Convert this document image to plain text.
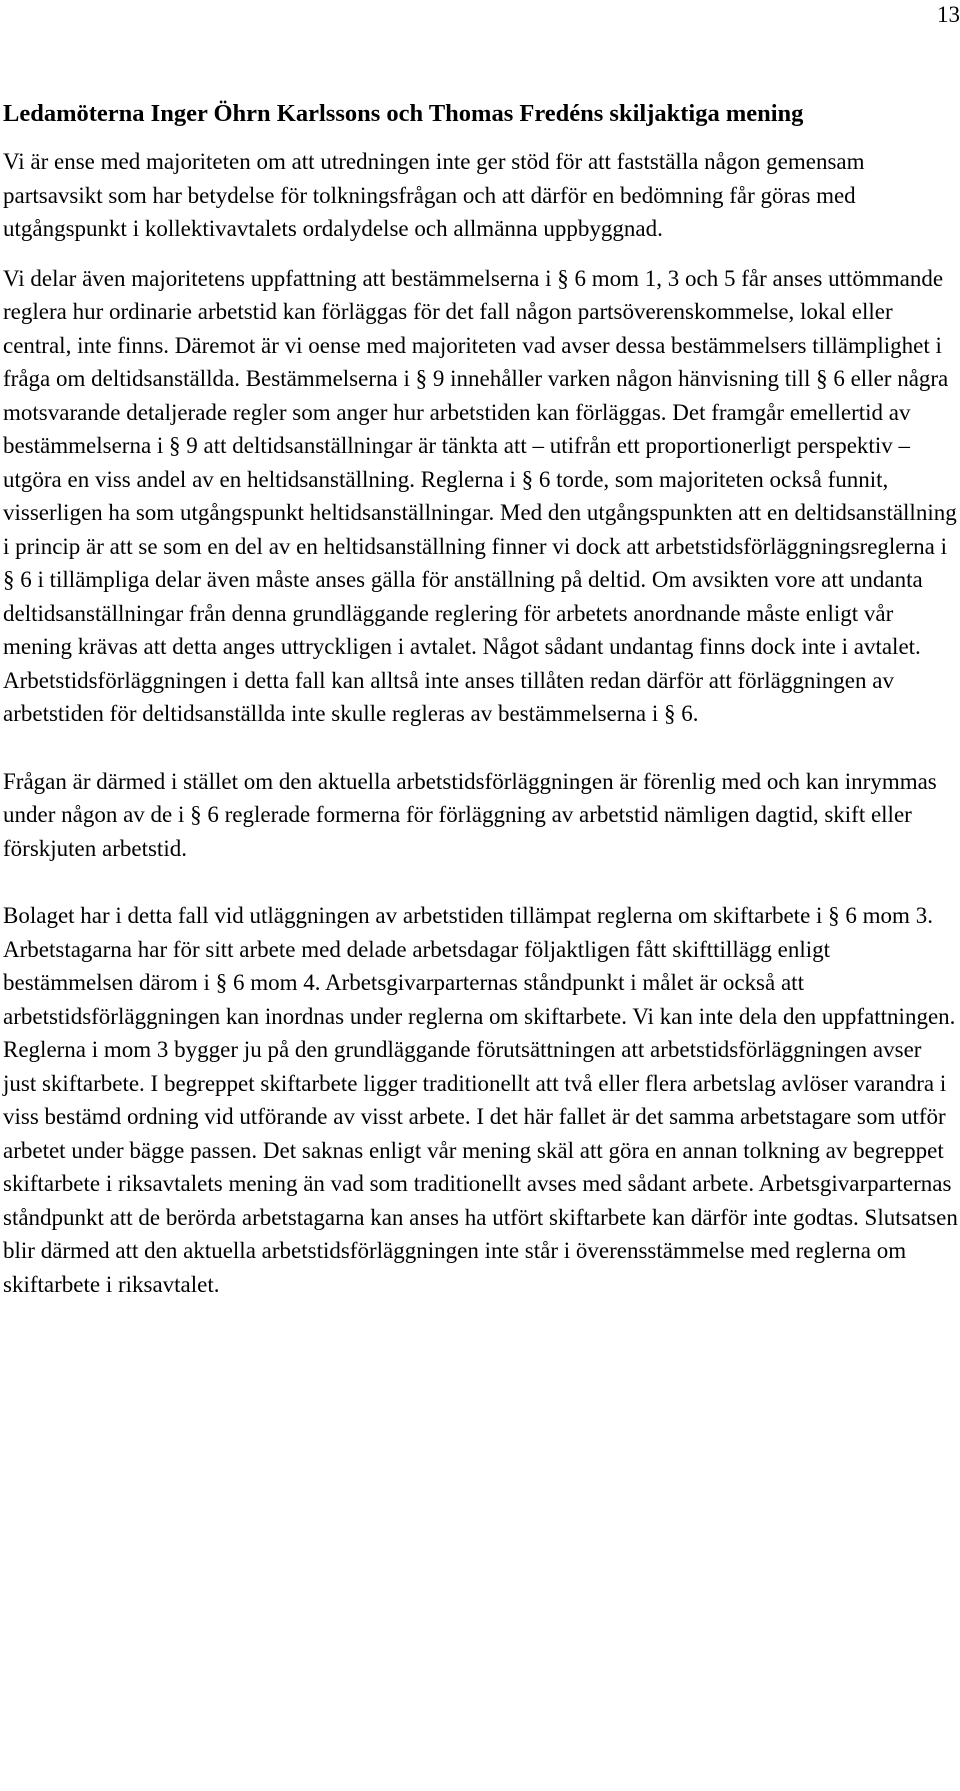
13
Ledamöterna Inger Öhrn Karlssons och Thomas Fredéns skiljaktiga mening

Vi är ense med majoriteten om att utredningen inte ger stöd för att fastställa någon gemensam partsavsikt som har betydelse för tolkningsfrågan och att därför en bedömning får göras med utgångspunkt i kollektivavtalets ordalydelse och allmänna uppbyggnad.

Vi delar även majoritetens uppfattning att bestämmelserna i § 6 mom 1, 3 och 5 får anses uttömmande reglera hur ordinarie arbetstid kan förläggas för det fall någon partsöverenskommelse, lokal eller central, inte finns. Däremot är vi oense med majoriteten vad avser dessa bestämmelsers tillämplighet i fråga om deltidsanställda. Bestämmelserna i § 9 innehåller varken någon hänvisning till § 6 eller några motsvarande detaljerade regler som anger hur arbetstiden kan förläggas. Det framgår emellertid av bestämmelserna i § 9 att deltidsanställningar är tänkta att – utifrån ett proportionerligt perspektiv – utgöra en viss andel av en heltidsanställning. Reglerna i § 6 torde, som majoriteten också funnit, visserligen ha som utgångspunkt heltidsanställningar. Med den utgångspunkten att en deltidsanställning i princip är att se som en del av en heltidsanställning finner vi dock att arbetstidsförläggningsreglerna i § 6 i tillämpliga delar även måste anses gälla för anställning på deltid. Om avsikten vore att undanta deltidsanställningar från denna grundläggande reglering för arbetets anordnande måste enligt vår mening krävas att detta anges uttryckligen i avtalet. Något sådant undantag finns dock inte i avtalet. Arbetstidsförläggningen i detta fall kan alltså inte anses tillåten redan därför att förläggningen av arbetstiden för deltidsanställda inte skulle regleras av bestämmelserna i § 6.

Frågan är därmed i stället om den aktuella arbetstidsförläggningen är förenlig med och kan inrymmas under någon av de i § 6 reglerade formerna för förläggning av arbetstid nämligen dagtid, skift eller förskjuten arbetstid.

Bolaget har i detta fall vid utläggningen av arbetstiden tillämpat reglerna om skiftarbete i § 6 mom 3. Arbetstagarna har för sitt arbete med delade arbetsdagar följaktligen fått skifttillägg enligt bestämmelsen därom i § 6 mom 4. Arbetsgivarparternas ståndpunkt i målet är också att arbetstidsförläggningen kan inordnas under reglerna om skiftarbete. Vi kan inte dela den uppfattningen. Reglerna i mom 3 bygger ju på den grundläggande förutsättningen att arbetstidsförläggningen avser just skiftarbete. I begreppet skiftarbete ligger traditionellt att två eller flera arbetslag avlöser varandra i viss bestämd ordning vid utförande av visst arbete. I det här fallet är det samma arbetstagare som utför arbetet under bägge passen. Det saknas enligt vår mening skäl att göra en annan tolkning av begreppet skiftarbete i riksavtalets mening än vad som traditionellt avses med sådant arbete. Arbetsgivarparternas ståndpunkt att de berörda arbetstagarna kan anses ha utfört skiftarbete kan därför inte godtas. Slutsatsen blir därmed att den aktuella arbetstidsförläggningen inte står i överensstämmelse med reglerna om skiftarbete i riksavtalet.
